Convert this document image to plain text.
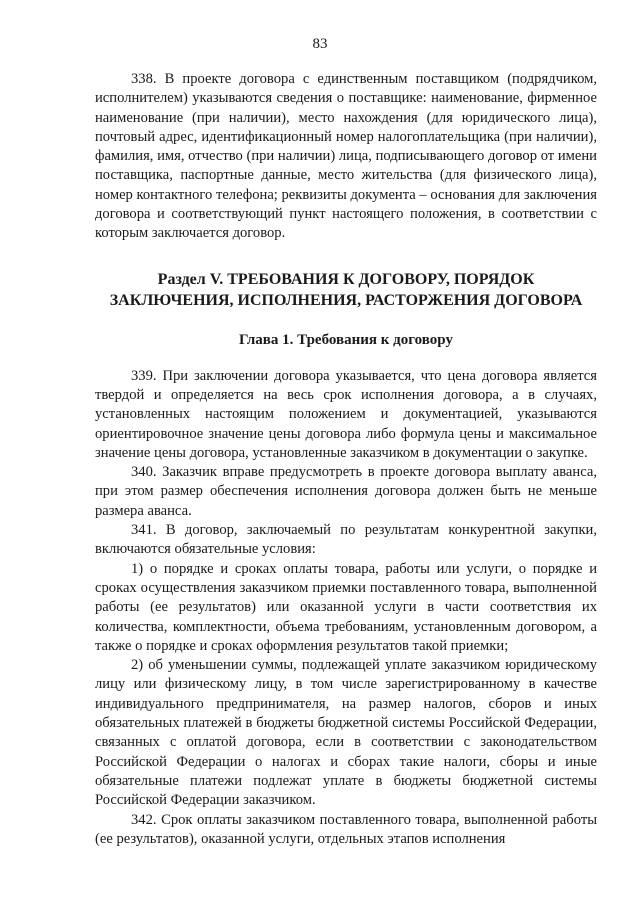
83

338. В проекте договора с единственным поставщиком (подрядчиком, исполнителем) указываются сведения о поставщике: наименование, фирменное наименование (при наличии), место нахождения (для юридического лица), почтовый адрес, идентификационный номер налогоплательщика (при наличии), фамилия, имя, отчество (при наличии) лица, подписывающего договор от имени поставщика, паспортные данные, место жительства (для физического лица), номер контактного телефона; реквизиты документа – основания для заключения договора и соответствующий пункт настоящего положения, в соответствии с которым заключается договор.

Раздел V. ТРЕБОВАНИЯ К ДОГОВОРУ, ПОРЯДОК ЗАКЛЮЧЕНИЯ, ИСПОЛНЕНИЯ, РАСТОРЖЕНИЯ ДОГОВОРА
Глава 1. Требования к договору

339. При заключении договора указывается, что цена договора является твердой и определяется на весь срок исполнения договора, а в случаях, установленных настоящим положением и документацией, указываются ориентировочное значение цены договора либо формула цены и максимальное значение цены договора, установленные заказчиком в документации о закупке.

340. Заказчик вправе предусмотреть в проекте договора выплату аванса, при этом размер обеспечения исполнения договора должен быть не меньше размера аванса.

341. В договор, заключаемый по результатам конкурентной закупки, включаются обязательные условия:

1) о порядке и сроках оплаты товара, работы или услуги, о порядке и сроках осуществления заказчиком приемки поставленного товара, выполненной работы (ее результатов) или оказанной услуги в части соответствия их количества, комплектности, объема требованиям, установленным договором, а также о порядке и сроках оформления результатов такой приемки;

2) об уменьшении суммы, подлежащей уплате заказчиком юридическому лицу или физическому лицу, в том числе зарегистрированному в качестве индивидуального предпринимателя, на размер налогов, сборов и иных обязательных платежей в бюджеты бюджетной системы Российской Федерации, связанных с оплатой договора, если в соответствии с законодательством Российской Федерации о налогах и сборах такие налоги, сборы и иные обязательные платежи подлежат уплате в бюджеты бюджетной системы Российской Федерации заказчиком.

342. Срок оплаты заказчиком поставленного товара, выполненной работы (ее результатов), оказанной услуги, отдельных этапов исполнения
